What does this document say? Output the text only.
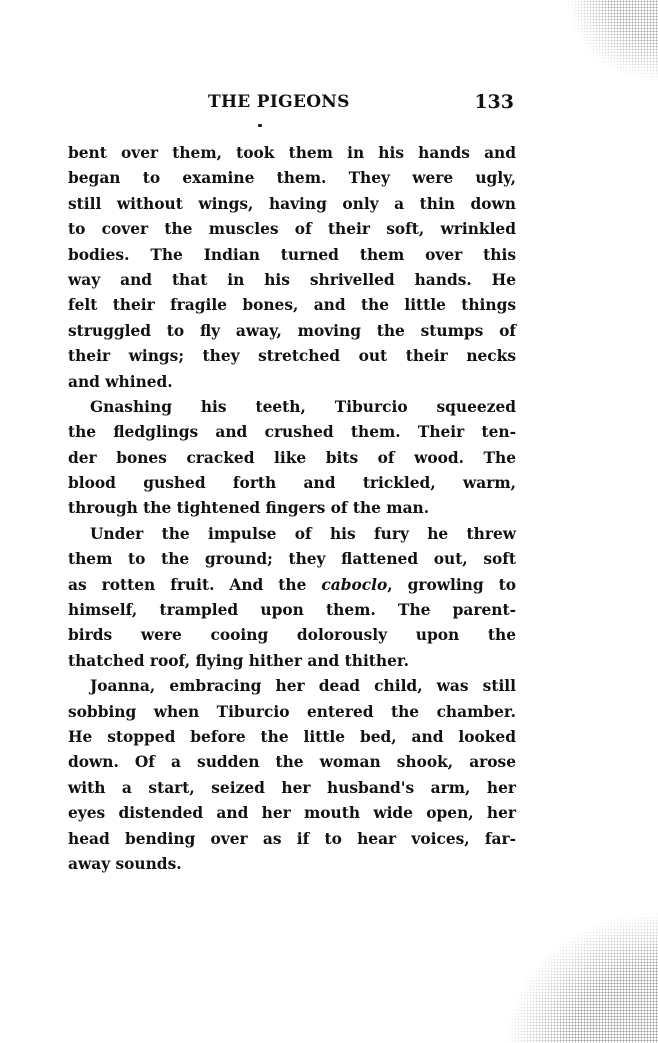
THE PIGEONS	133

bent over them, took them in his hands and
began to examine them. They were ugly,
still without wings, having only a thin down
to cover the muscles of their soft, wrinkled
bodies. The Indian turned them over this
way and that in his shrivelled hands. He
felt their fragile bones, and the little things
struggled to fly away, moving the stumps of
their wings; they stretched out their necks
and whined.

Gnashing his teeth, Tiburcio squeezed
the fledglings and crushed them. Their ten-
der bones cracked like bits of wood. The
blood gushed forth and trickled, warm,
through the tightened fingers of the man.

Under the impulse of his fury he threw
them to the ground; they flattened out, soft
as rotten fruit. And the caboclo, growling to
himself, trampled upon them. The parent-
birds were cooing dolorously upon the
thatched roof, flying hither and thither.

Joanna, embracing her dead child, was still
sobbing when Tiburcio entered the chamber.
He stopped before the little bed, and looked
down. Of a sudden the woman shook, arose
with a start, seized her husband's arm, her
eyes distended and her mouth wide open, her
head bending over as if to hear voices, far-
away sounds.
